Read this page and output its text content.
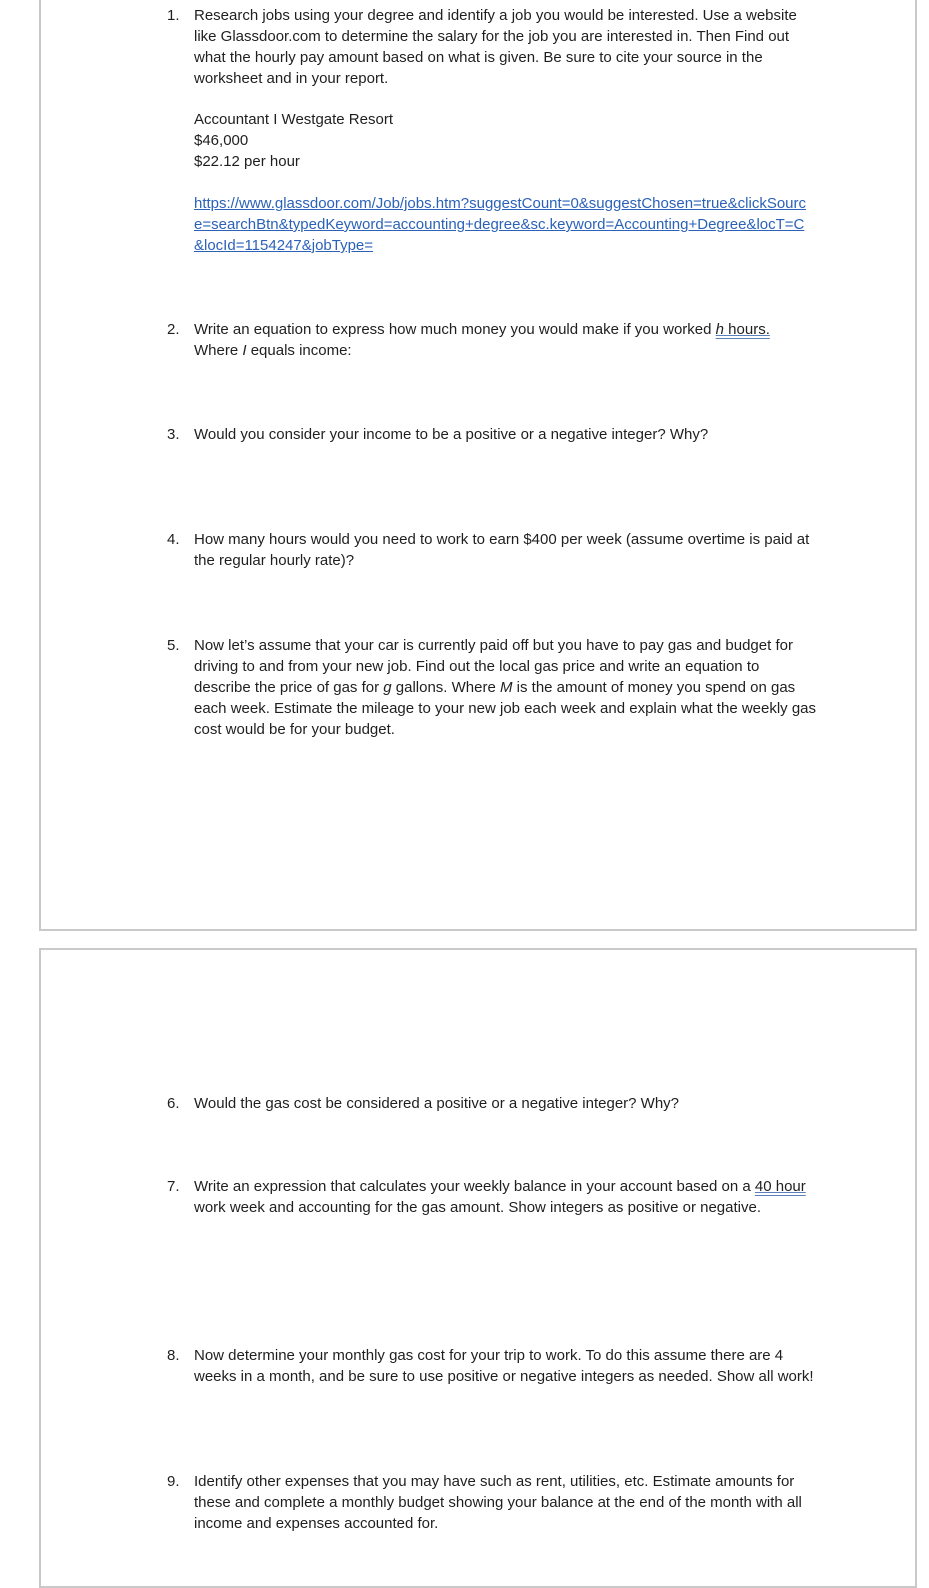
1. Research jobs using your degree and identify a job you would be interested. Use a website like Glassdoor.com to determine the salary for the job you are interested in. Then Find out what the hourly pay amount based on what is given. Be sure to cite your source in the worksheet and in your report.
Accountant I Westgate Resort
$46,000
$22.12 per hour
https://www.glassdoor.com/Job/jobs.htm?suggestCount=0&suggestChosen=true&clickSource=searchBtn&typedKeyword=accounting+degree&sc.keyword=Accounting+Degree&locT=C&locId=1154247&jobType=
2. Write an equation to express how much money you would make if you worked h hours.
Where I equals income:
3. Would you consider your income to be a positive or a negative integer? Why?
4. How many hours would you need to work to earn $400 per week (assume overtime is paid at the regular hourly rate)?
5. Now let’s assume that your car is currently paid off but you have to pay gas and budget for driving to and from your new job. Find out the local gas price and write an equation to describe the price of gas for g gallons. Where M is the amount of money you spend on gas each week. Estimate the mileage to your new job each week and explain what the weekly gas cost would be for your budget.
6. Would the gas cost be considered a positive or a negative integer? Why?
7. Write an expression that calculates your weekly balance in your account based on a 40 hour work week and accounting for the gas amount. Show integers as positive or negative.
8. Now determine your monthly gas cost for your trip to work. To do this assume there are 4 weeks in a month, and be sure to use positive or negative integers as needed. Show all work!
9. Identify other expenses that you may have such as rent, utilities, etc. Estimate amounts for these and complete a monthly budget showing your balance at the end of the month with all income and expenses accounted for.
